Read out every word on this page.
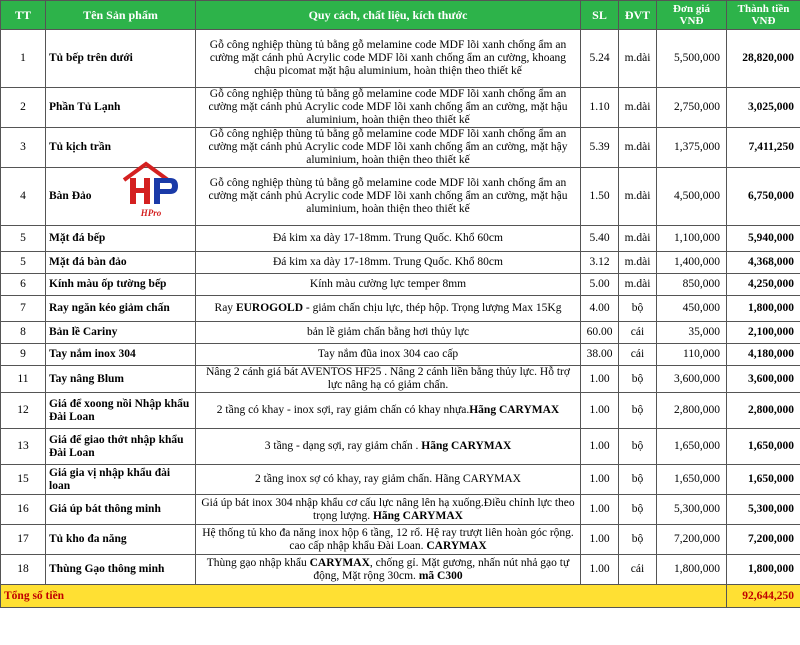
TT	Tên Sản phẩm	Quy cách, chất liệu, kích thước	SL	ĐVT	Đơn giá VNĐ	Thành tiền VNĐ
1	Tủ bếp trên dưới	Gỗ công nghiệp thùng tủ bằng gỗ melamine code MDF lõi xanh chống ẩm an cường mặt cánh phủ Acrylic code MDF lõi xanh chống ẩm an cường, khoang chậu picomat mặt hậu aluminium, hoàn thiện theo thiết kế	5.24	m.dài	5,500,000	28,820,000
2	Phần Tủ Lạnh	Gỗ công nghiệp thùng tủ bằng gỗ melamine code MDF lõi xanh chống ẩm an cường mặt cánh phủ Acrylic code MDF lõi xanh chống ẩm an cường, mặt hậu aluminium, hoàn thiện theo thiết kế	1.10	m.dài	2,750,000	3,025,000
3	Tủ kịch trần	Gỗ công nghiệp thùng tủ bằng gỗ melamine code MDF lõi xanh chống ẩm an cường mặt cánh phủ Acrylic code MDF lõi xanh chống ẩm an cường, mặt hậy aluminium, hoàn thiện theo thiết kế	5.39	m.dài	1,375,000	7,411,250
4	Bàn Đảo	Gỗ công nghiệp thùng tủ bằng gỗ melamine code MDF lõi xanh chống ẩm an cường mặt cánh phủ Acrylic code MDF lõi xanh chống ẩm an cường, mặt hậu aluminium, hoàn thiện theo thiết kế	1.50	m.dài	4,500,000	6,750,000
5	Mặt đá bếp	Đá kim xa dày 17-18mm. Trung Quốc. Khổ 60cm	5.40	m.dài	1,100,000	5,940,000
5	Mặt đá bàn đảo	Đá kim xa dày 17-18mm. Trung Quốc. Khổ 80cm	3.12	m.dài	1,400,000	4,368,000
6	Kính màu ốp tường bếp	Kính màu cường lực temper 8mm	5.00	m.dài	850,000	4,250,000
7	Ray ngăn kéo giảm chấn	Ray EUROGOLD - giảm chấn chịu lực, thép hộp. Trọng lượng Max 15Kg	4.00	bộ	450,000	1,800,000
8	Bản lề Cariny	bản lề giảm chấn bằng hơi thủy lực	60.00	cái	35,000	2,100,000
9	Tay nắm inox 304	Tay nắm đũa inox 304 cao cấp	38.00	cái	110,000	4,180,000
11	Tay nâng Blum	Nâng 2 cánh giá bát AVENTOS HF25 . Nâng 2 cánh liền bằng thủy lực. Hỗ trợ lực nâng hạ có giảm chấn.	1.00	bộ	3,600,000	3,600,000
12	Giá để xoong nồi Nhập khẩu Đài Loan	2 tầng có khay - inox sợi, ray giảm chấn có khay nhựa.Hãng CARYMAX	1.00	bộ	2,800,000	2,800,000
13	Giá để giao thớt nhập khẩu Đài Loan	3 tầng - dạng sợi, ray giảm chấn . Hãng CARYMAX	1.00	bộ	1,650,000	1,650,000
15	Giá gia vị nhập khẩu đài loan	2 tầng inox sợ có khay, ray giảm chấn. Hãng CARYMAX	1.00	bộ	1,650,000	1,650,000
16	Giá úp bát thông minh	Giá úp bát inox 304 nhập khẩu cơ cấu lực nâng lên hạ xuống.Điều chỉnh lực theo trọng lượng. Hãng CARYMAX	1.00	bộ	5,300,000	5,300,000
17	Tủ kho đa năng	Hệ thống tủ kho đa năng inox hộp 6 tầng, 12 rổ. Hệ ray trượt liên hoàn góc rộng. cao cấp nhập khẩu Đài Loan. CARYMAX	1.00	bộ	7,200,000	7,200,000
18	Thùng Gạo thông minh	Thùng gạo nhập khẩu CARYMAX, chống gỉ. Mặt gương, nhấn nút nhả gạo tự động, Mặt rộng 30cm. mã C300	1.00	cái	1,800,000	1,800,000
Tổng số tiền						92,644,250
HPro
